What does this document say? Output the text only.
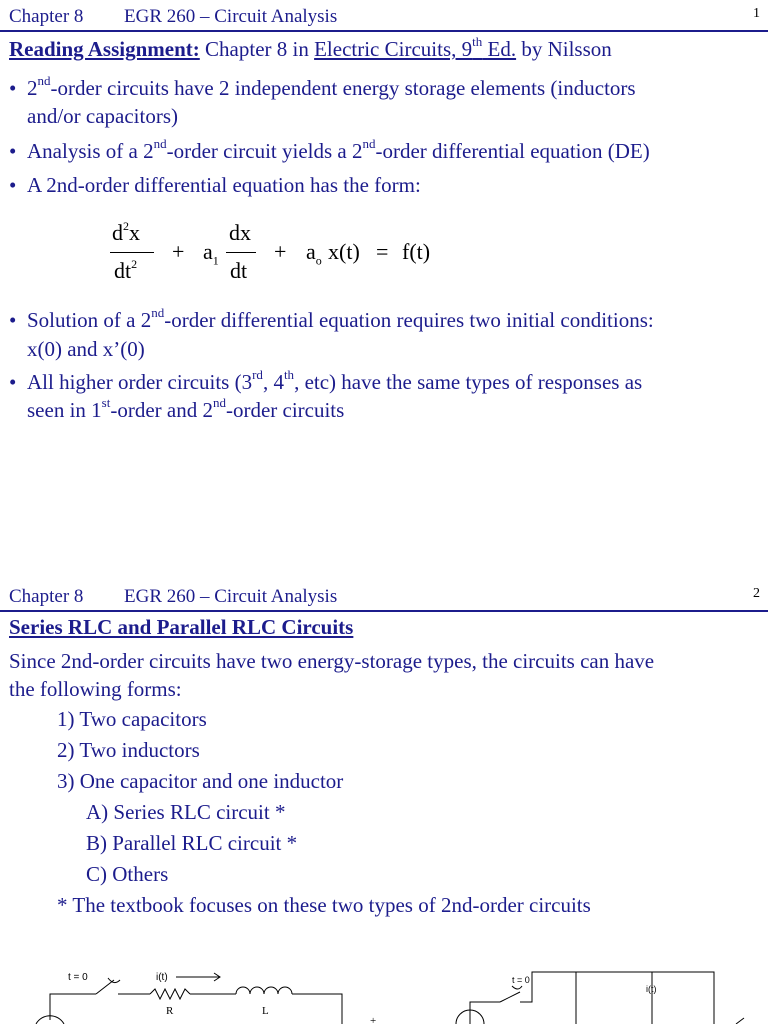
Chapter 8 EGR 260 – Circuit Analysis	1
Reading Assignment: Chapter 8 in Electric Circuits, 9th Ed. by Nilsson
• 2nd-order circuits have 2 independent energy storage elements (inductors
and/or capacitors)
• Analysis of a 2nd-order circuit yields a 2nd-order differential equation (DE)
• A 2nd-order differential equation has the form:
$d^2x$
$dt^2 + a_1$
dx
dt
+ $a_o$ x(t) = f(t)
• Solution of a 2nd-order differential equation requires two initial conditions:
x(0) and x’(0)
• All higher order circuits (3rd, 4th, etc) have the same types of responses as
seen in 1st-order and 2nd-order circuits
Chapter 8 EGR 260 – Circuit Analysis	2
Series RLC and Parallel RLC Circuits
Since 2nd-order circuits have two energy-storage types, the circuits can have
the following forms:
1) Two capacitors
2) Two inductors
3) One capacitor and one inductor
A) Series RLC circuit *
B) Parallel RLC circuit *
C) Others
* The textbook focuses on these two types of 2nd-order circuits
t = 0	i(t)
R	L
+
t = 0
i(t)
